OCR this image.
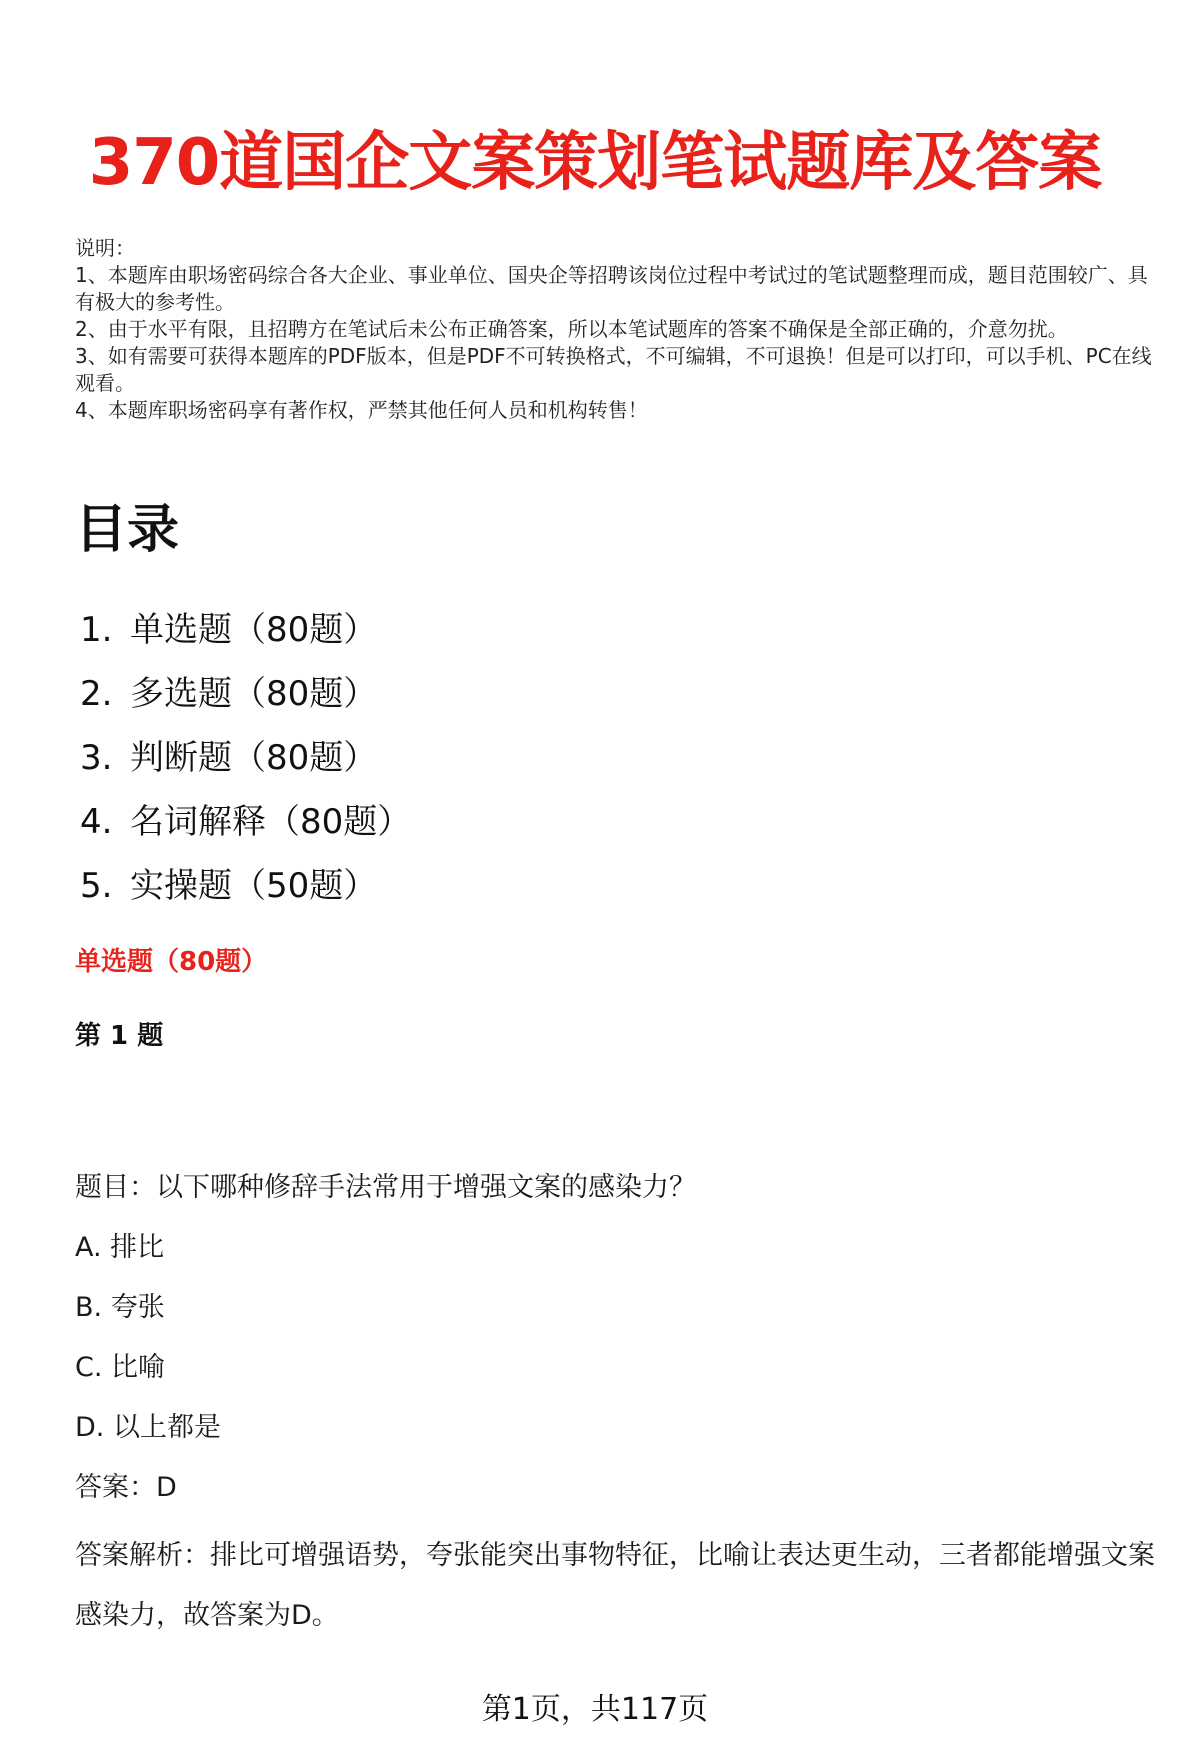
370道国企文案策划笔试题库及答案

说明：

1、本题库由职场密码综合各大企业、事业单位、国央企等招聘该岗位过程中考试过的笔试题整理而成，题目范围较广、具有极大的参考性。

2、由于水平有限，且招聘方在笔试后未公布正确答案，所以本笔试题库的答案不确保是全部正确的，介意勿扰。

3、如有需要可获得本题库的PDF版本，但是PDF不可转换格式，不可编辑，不可退换！但是可以打印，可以手机、PC在线观看。

4、本题库职场密码享有著作权，严禁其他任何人员和机构转售！

目录
1. 单选题（80题）
2. 多选题（80题）
3. 判断题（80题）
4. 名词解释（80题）
5. 实操题（50题）
单选题（80题）
第 1 题
题目：以下哪种修辞手法常用于增强文案的感染力？
A. 排比
B. 夸张
C. 比喻
D. 以上都是
答案：D
答案解析：排比可增强语势，夸张能突出事物特征，比喻让表达更生动，三者都能增强文案感染力，故答案为D。
第1页，共117页
